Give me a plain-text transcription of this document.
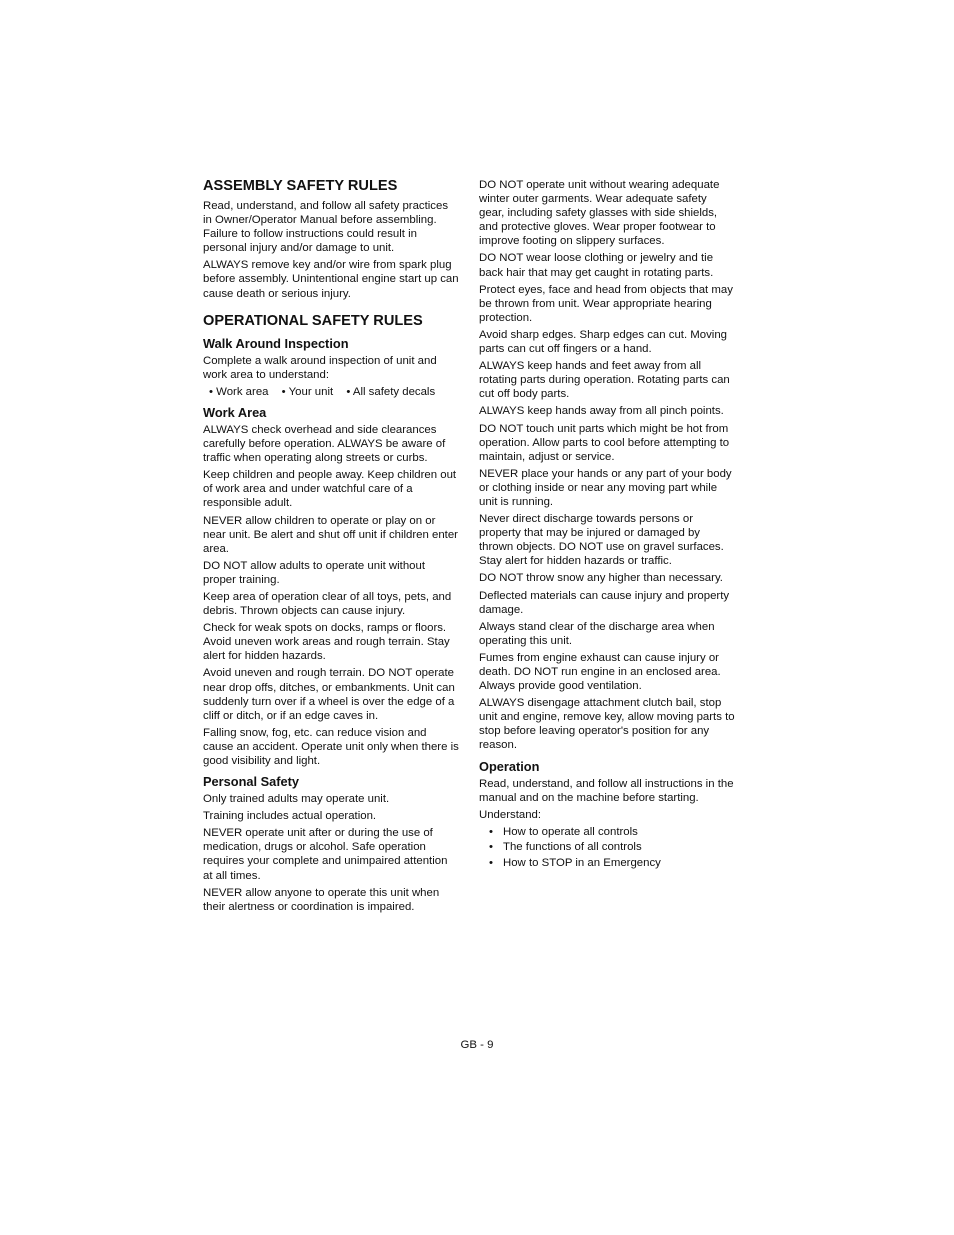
ASSEMBLY SAFETY RULES

Read, understand, and follow all safety practices in Owner/Operator Manual before assembling. Failure to follow instructions could result in personal injury and/or damage to unit.

ALWAYS remove key and/or wire from spark plug before assembly. Unintentional engine start up can cause death or serious injury.

OPERATIONAL SAFETY RULES
Walk Around Inspection

Complete a walk around inspection of unit and work area to understand:

• Work area • Your unit • All safety decals
Work Area

ALWAYS check overhead and side clearances carefully before operation. ALWAYS be aware of traffic when operating along streets or curbs.

Keep children and people away. Keep children out of work area and under watchful care of a responsible adult.

NEVER allow children to operate or play on or near unit. Be alert and shut off unit if children enter area.

DO NOT allow adults to operate unit without proper training.

Keep area of operation clear of all toys, pets, and debris. Thrown objects can cause injury.

Check for weak spots on docks, ramps or floors. Avoid uneven work areas and rough terrain. Stay alert for hidden hazards.

Avoid uneven and rough terrain. DO NOT operate near drop offs, ditches, or embankments. Unit can suddenly turn over if a wheel is over the edge of a cliff or ditch, or if an edge caves in.

Falling snow, fog, etc. can reduce vision and cause an accident. Operate unit only when there is good visibility and light.

Personal Safety

Only trained adults may operate unit.

Training includes actual operation.

NEVER operate unit after or during the use of medication, drugs or alcohol. Safe operation requires your complete and unimpaired attention at all times.

NEVER allow anyone to operate this unit when their alertness or coordination is impaired.

DO NOT operate unit without wearing adequate winter outer garments. Wear adequate safety gear, including safety glasses with side shields, and protective gloves. Wear proper footwear to improve footing on slippery surfaces.

DO NOT wear loose clothing or jewelry and tie back hair that may get caught in rotating parts.

Protect eyes, face and head from objects that may be thrown from unit. Wear appropriate hearing protection.

Avoid sharp edges. Sharp edges can cut. Moving parts can cut off fingers or a hand.

ALWAYS keep hands and feet away from all rotating parts during operation. Rotating parts can cut off body parts.

ALWAYS keep hands away from all pinch points.

DO NOT touch unit parts which might be hot from operation. Allow parts to cool before attempting to maintain, adjust or service.

NEVER place your hands or any part of your body or clothing inside or near any moving part while unit is running.

Never direct discharge towards persons or property that may be injured or damaged by thrown objects. DO NOT use on gravel surfaces. Stay alert for hidden hazards or traffic.

DO NOT throw snow any higher than necessary.

Deflected materials can cause injury and property damage.

Always stand clear of the discharge area when operating this unit.

Fumes from engine exhaust can cause injury or death. DO NOT run engine in an enclosed area. Always provide good ventilation.

ALWAYS disengage attachment clutch bail, stop unit and engine, remove key, allow moving parts to stop before leaving operator's position for any reason.

Operation

Read, understand, and follow all instructions in the manual and on the machine before starting.

Understand:

• How to operate all controls
• The functions of all controls
• How to STOP in an Emergency
GB - 9
